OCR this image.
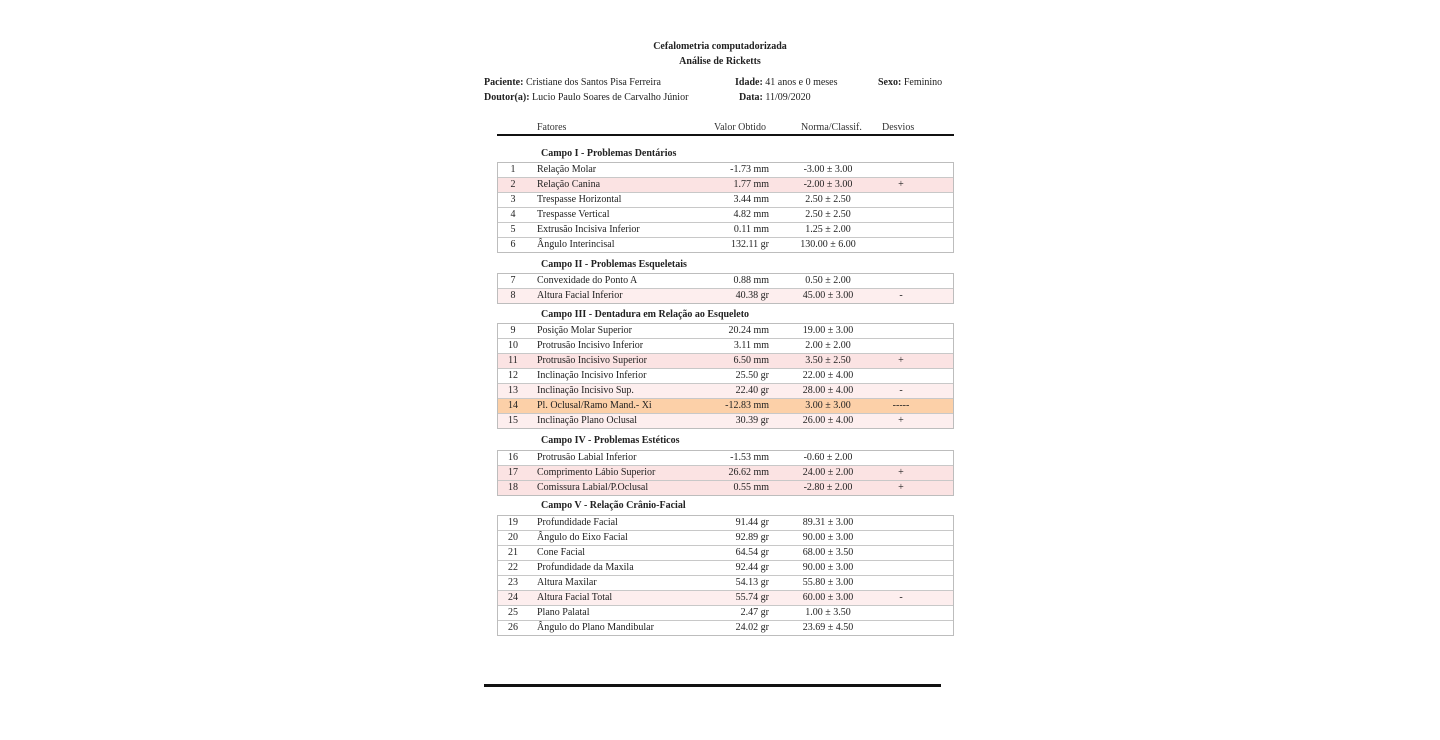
Cefalometria computadorizada
Análise de Ricketts
Paciente: Cristiane dos Santos Pisa Ferreira	Idade: 41 anos e 0 meses	Sexo: Feminino
Doutor(a): Lucio Paulo Soares de Carvalho Júnior	Data: 11/09/2020
Fatores	Valor Obtido	Norma/Classif. Desvios
Campo I - Problemas Dentários
1	Relação Molar	-1.73 mm	-3.00 ± 3.00
2	Relação Canina	1.77 mm	-2.00 ± 3.00	+
3	Trespasse Horizontal	3.44 mm	2.50 ± 2.50
4	Trespasse Vertical	4.82 mm	2.50 ± 2.50
5	Extrusão Incisiva Inferior	0.11 mm	1.25 ± 2.00
6	Ângulo Interincisal	132.11 gr	130.00 ± 6.00
Campo II - Problemas Esqueletais
7	Convexidade do Ponto A	0.88 mm	0.50 ± 2.00
8	Altura Facial Inferior	40.38 gr	45.00 ± 3.00	-
Campo III - Dentadura em Relação ao Esqueleto
9	Posição Molar Superior	20.24 mm	19.00 ± 3.00
10	Protrusão Incisivo Inferior	3.11 mm	2.00 ± 2.00
11	Protrusão Incisivo Superior	6.50 mm	3.50 ± 2.50	+
12	Inclinação Incisivo Inferior	25.50 gr	22.00 ± 4.00
13	Inclinação Incisivo Sup.	22.40 gr	28.00 ± 4.00	-
14	Pl. Oclusal/Ramo Mand.- Xi	-12.83 mm	3.00 ± 3.00	-----
15	Inclinação Plano Oclusal	30.39 gr	26.00 ± 4.00	+
Campo IV - Problemas Estéticos
16	Protrusão Labial Inferior	-1.53 mm	-0.60 ± 2.00
17	Comprimento Lábio Superior	26.62 mm	24.00 ± 2.00	+
18	Comissura Labial/P.Oclusal	0.55 mm	-2.80 ± 2.00	+
Campo V - Relação Crânio-Facial
19	Profundidade Facial	91.44 gr	89.31 ± 3.00
20	Ângulo do Eixo Facial	92.89 gr	90.00 ± 3.00
21	Cone Facial	64.54 gr	68.00 ± 3.50
22	Profundidade da Maxila	92.44 gr	90.00 ± 3.00
23	Altura Maxilar	54.13 gr	55.80 ± 3.00
24	Altura Facial Total	55.74 gr	60.00 ± 3.00	-
25	Plano Palatal	2.47 gr	1.00 ± 3.50
26	Ângulo do Plano Mandibular	24.02 gr	23.69 ± 4.50
